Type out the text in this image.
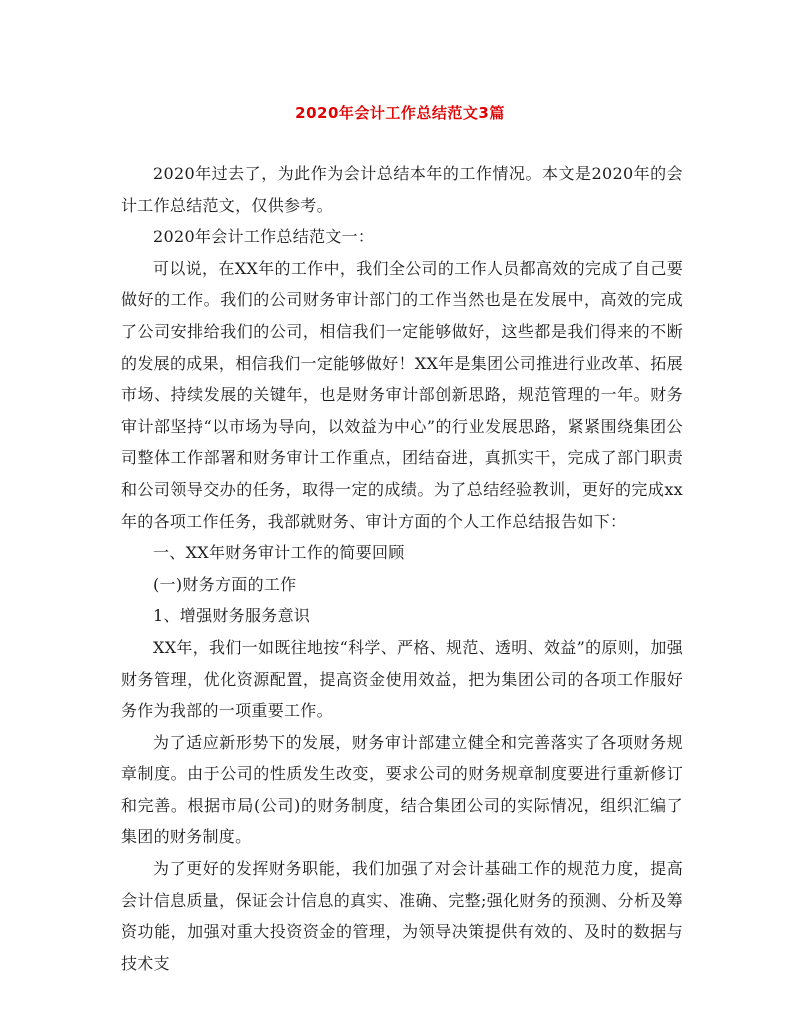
2020年会计工作总结范文3篇

2020年过去了，为此作为会计总结本年的工作情况。本文是2020年的会计工作总结范文，仅供参考。

2020年会计工作总结范文一：

可以说，在XX年的工作中，我们全公司的工作人员都高效的完成了自己要做好的工作。我们的公司财务审计部门的工作当然也是在发展中，高效的完成了公司安排给我们的公司，相信我们一定能够做好，这些都是我们得来的不断的发展的成果，相信我们一定能够做好！XX年是集团公司推进行业改革、拓展市场、持续发展的关键年，也是财务审计部创新思路，规范管理的一年。财务审计部坚持“以市场为导向，以效益为中心”的行业发展思路，紧紧围绕集团公司整体工作部署和财务审计工作重点，团结奋进，真抓实干，完成了部门职责和公司领导交办的任务，取得一定的成绩。为了总结经验教训，更好的完成xx年的各项工作任务，我部就财务、审计方面的个人工作总结报告如下：

一、XX年财务审计工作的简要回顾

(一)财务方面的工作

1、增强财务服务意识

XX年，我们一如既往地按“科学、严格、规范、透明、效益”的原则，加强财务管理，优化资源配置，提高资金使用效益，把为集团公司的各项工作服好务作为我部的一项重要工作。

为了适应新形势下的发展，财务审计部建立健全和完善落实了各项财务规章制度。由于公司的性质发生改变，要求公司的财务规章制度要进行重新修订和完善。根据市局(公司)的财务制度，结合集团公司的实际情况，组织汇编了集团的财务制度。

为了更好的发挥财务职能，我们加强了对会计基础工作的规范力度，提高会计信息质量，保证会计信息的真实、准确、完整;强化财务的预测、分析及筹资功能，加强对重大投资资金的管理，为领导决策提供有效的、及时的数据与技术支
